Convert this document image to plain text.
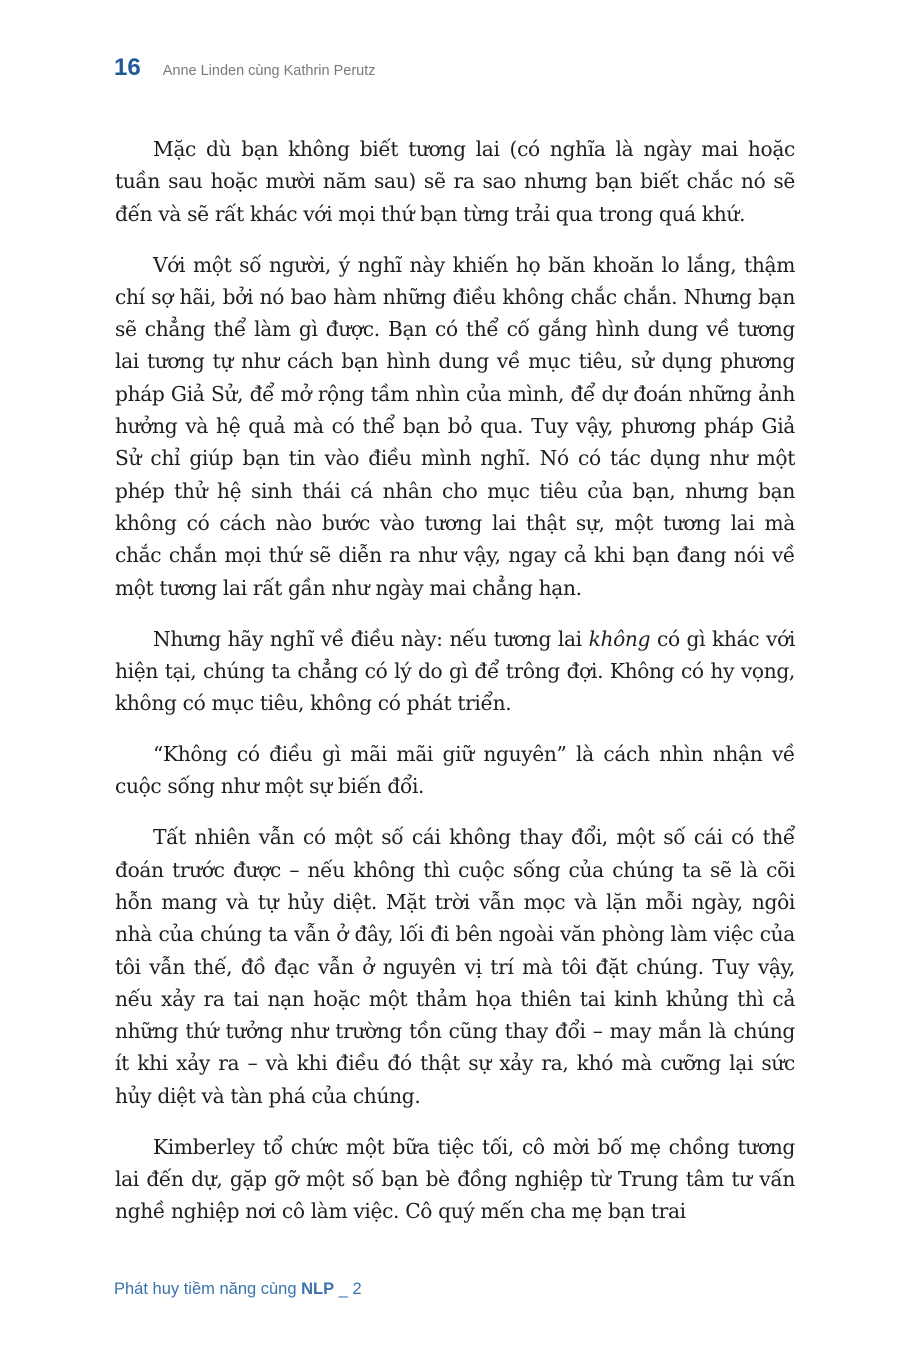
16 Anne Linden cùng Kathrin Perutz

Mặc dù bạn không biết tương lai (có nghĩa là ngày mai hoặc tuần sau hoặc mười năm sau) sẽ ra sao nhưng bạn biết chắc nó sẽ đến và sẽ rất khác với mọi thứ bạn từng trải qua trong quá khứ.

Với một số người, ý nghĩ này khiến họ băn khoăn lo lắng, thậm chí sợ hãi, bởi nó bao hàm những điều không chắc chắn. Nhưng bạn sẽ chẳng thể làm gì được. Bạn có thể cố gắng hình dung về tương lai tương tự như cách bạn hình dung về mục tiêu, sử dụng phương pháp Giả Sử, để mở rộng tầm nhìn của mình, để dự đoán những ảnh hưởng và hệ quả mà có thể bạn bỏ qua. Tuy vậy, phương pháp Giả Sử chỉ giúp bạn tin vào điều mình nghĩ. Nó có tác dụng như một phép thử hệ sinh thái cá nhân cho mục tiêu của bạn, nhưng bạn không có cách nào bước vào tương lai thật sự, một tương lai mà chắc chắn mọi thứ sẽ diễn ra như vậy, ngay cả khi bạn đang nói về một tương lai rất gần như ngày mai chẳng hạn.

Nhưng hãy nghĩ về điều này: nếu tương lai không có gì khác với hiện tại, chúng ta chẳng có lý do gì để trông đợi. Không có hy vọng, không có mục tiêu, không có phát triển.

“Không có điều gì mãi mãi giữ nguyên” là cách nhìn nhận về cuộc sống như một sự biến đổi.

Tất nhiên vẫn có một số cái không thay đổi, một số cái có thể đoán trước được – nếu không thì cuộc sống của chúng ta sẽ là cõi hỗn mang và tự hủy diệt. Mặt trời vẫn mọc và lặn mỗi ngày, ngôi nhà của chúng ta vẫn ở đây, lối đi bên ngoài văn phòng làm việc của tôi vẫn thế, đồ đạc vẫn ở nguyên vị trí mà tôi đặt chúng. Tuy vậy, nếu xảy ra tai nạn hoặc một thảm họa thiên tai kinh khủng thì cả những thứ tưởng như trường tồn cũng thay đổi – may mắn là chúng ít khi xảy ra – và khi điều đó thật sự xảy ra, khó mà cưỡng lại sức hủy diệt và tàn phá của chúng.

Kimberley tổ chức một bữa tiệc tối, cô mời bố mẹ chồng tương lai đến dự, gặp gỡ một số bạn bè đồng nghiệp từ Trung tâm tư vấn nghề nghiệp nơi cô làm việc. Cô quý mến cha mẹ bạn trai

Phát huy tiềm năng cùng NLP _ 2
